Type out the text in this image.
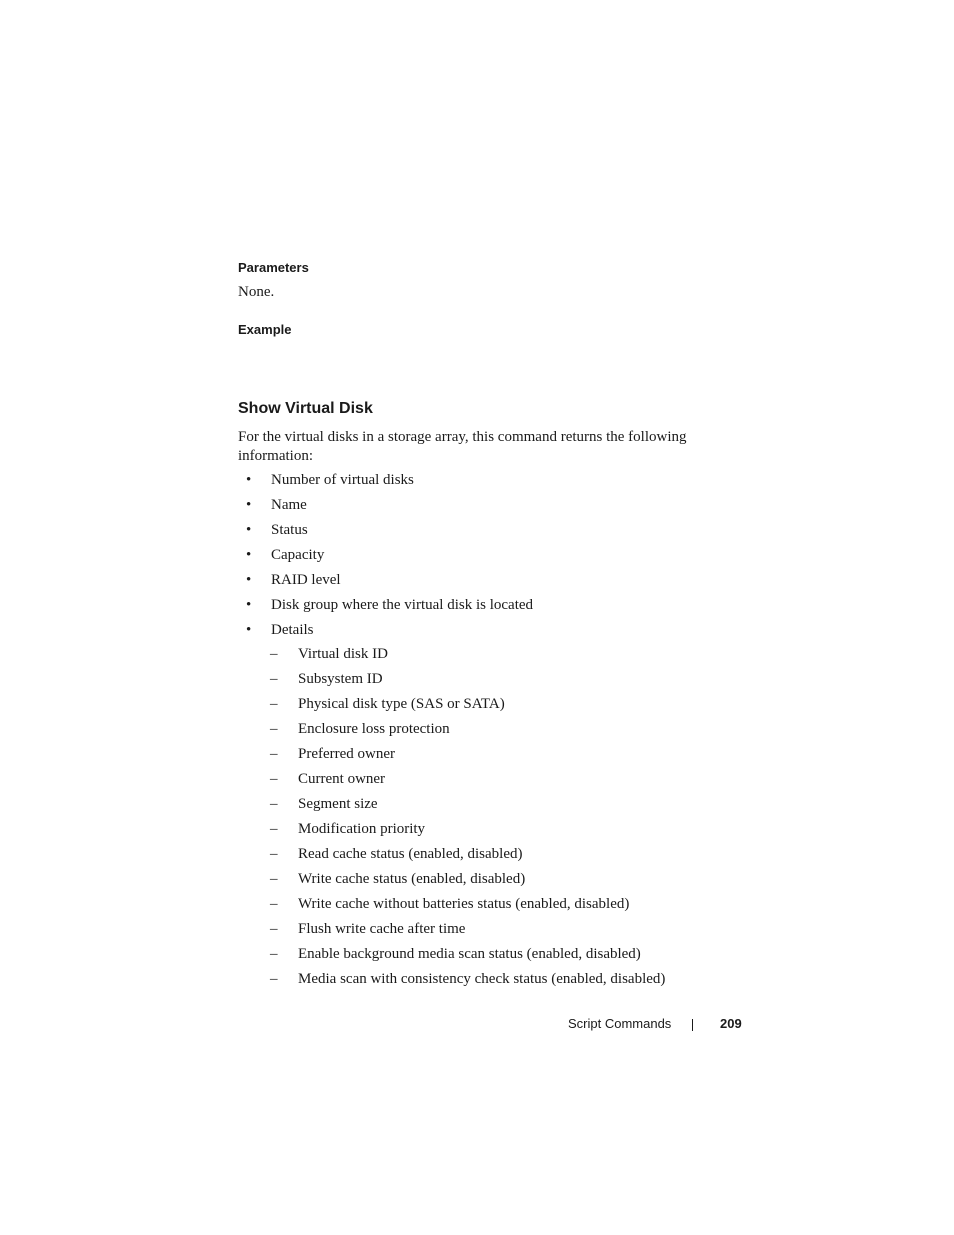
Parameters
None.
Example
Show Virtual Disk
For the virtual disks in a storage array, this command returns the following information:
• Number of virtual disks
• Name
• Status
• Capacity
• RAID level
• Disk group where the virtual disk is located
• Details
– Virtual disk ID
– Subsystem ID
– Physical disk type (SAS or SATA)
– Enclosure loss protection
– Preferred owner
– Current owner
– Segment size
– Modification priority
– Read cache status (enabled, disabled)
– Write cache status (enabled, disabled)
– Write cache without batteries status (enabled, disabled)
– Flush write cache after time
– Enable background media scan status (enabled, disabled)
– Media scan with consistency check status (enabled, disabled)
Script Commands	209
